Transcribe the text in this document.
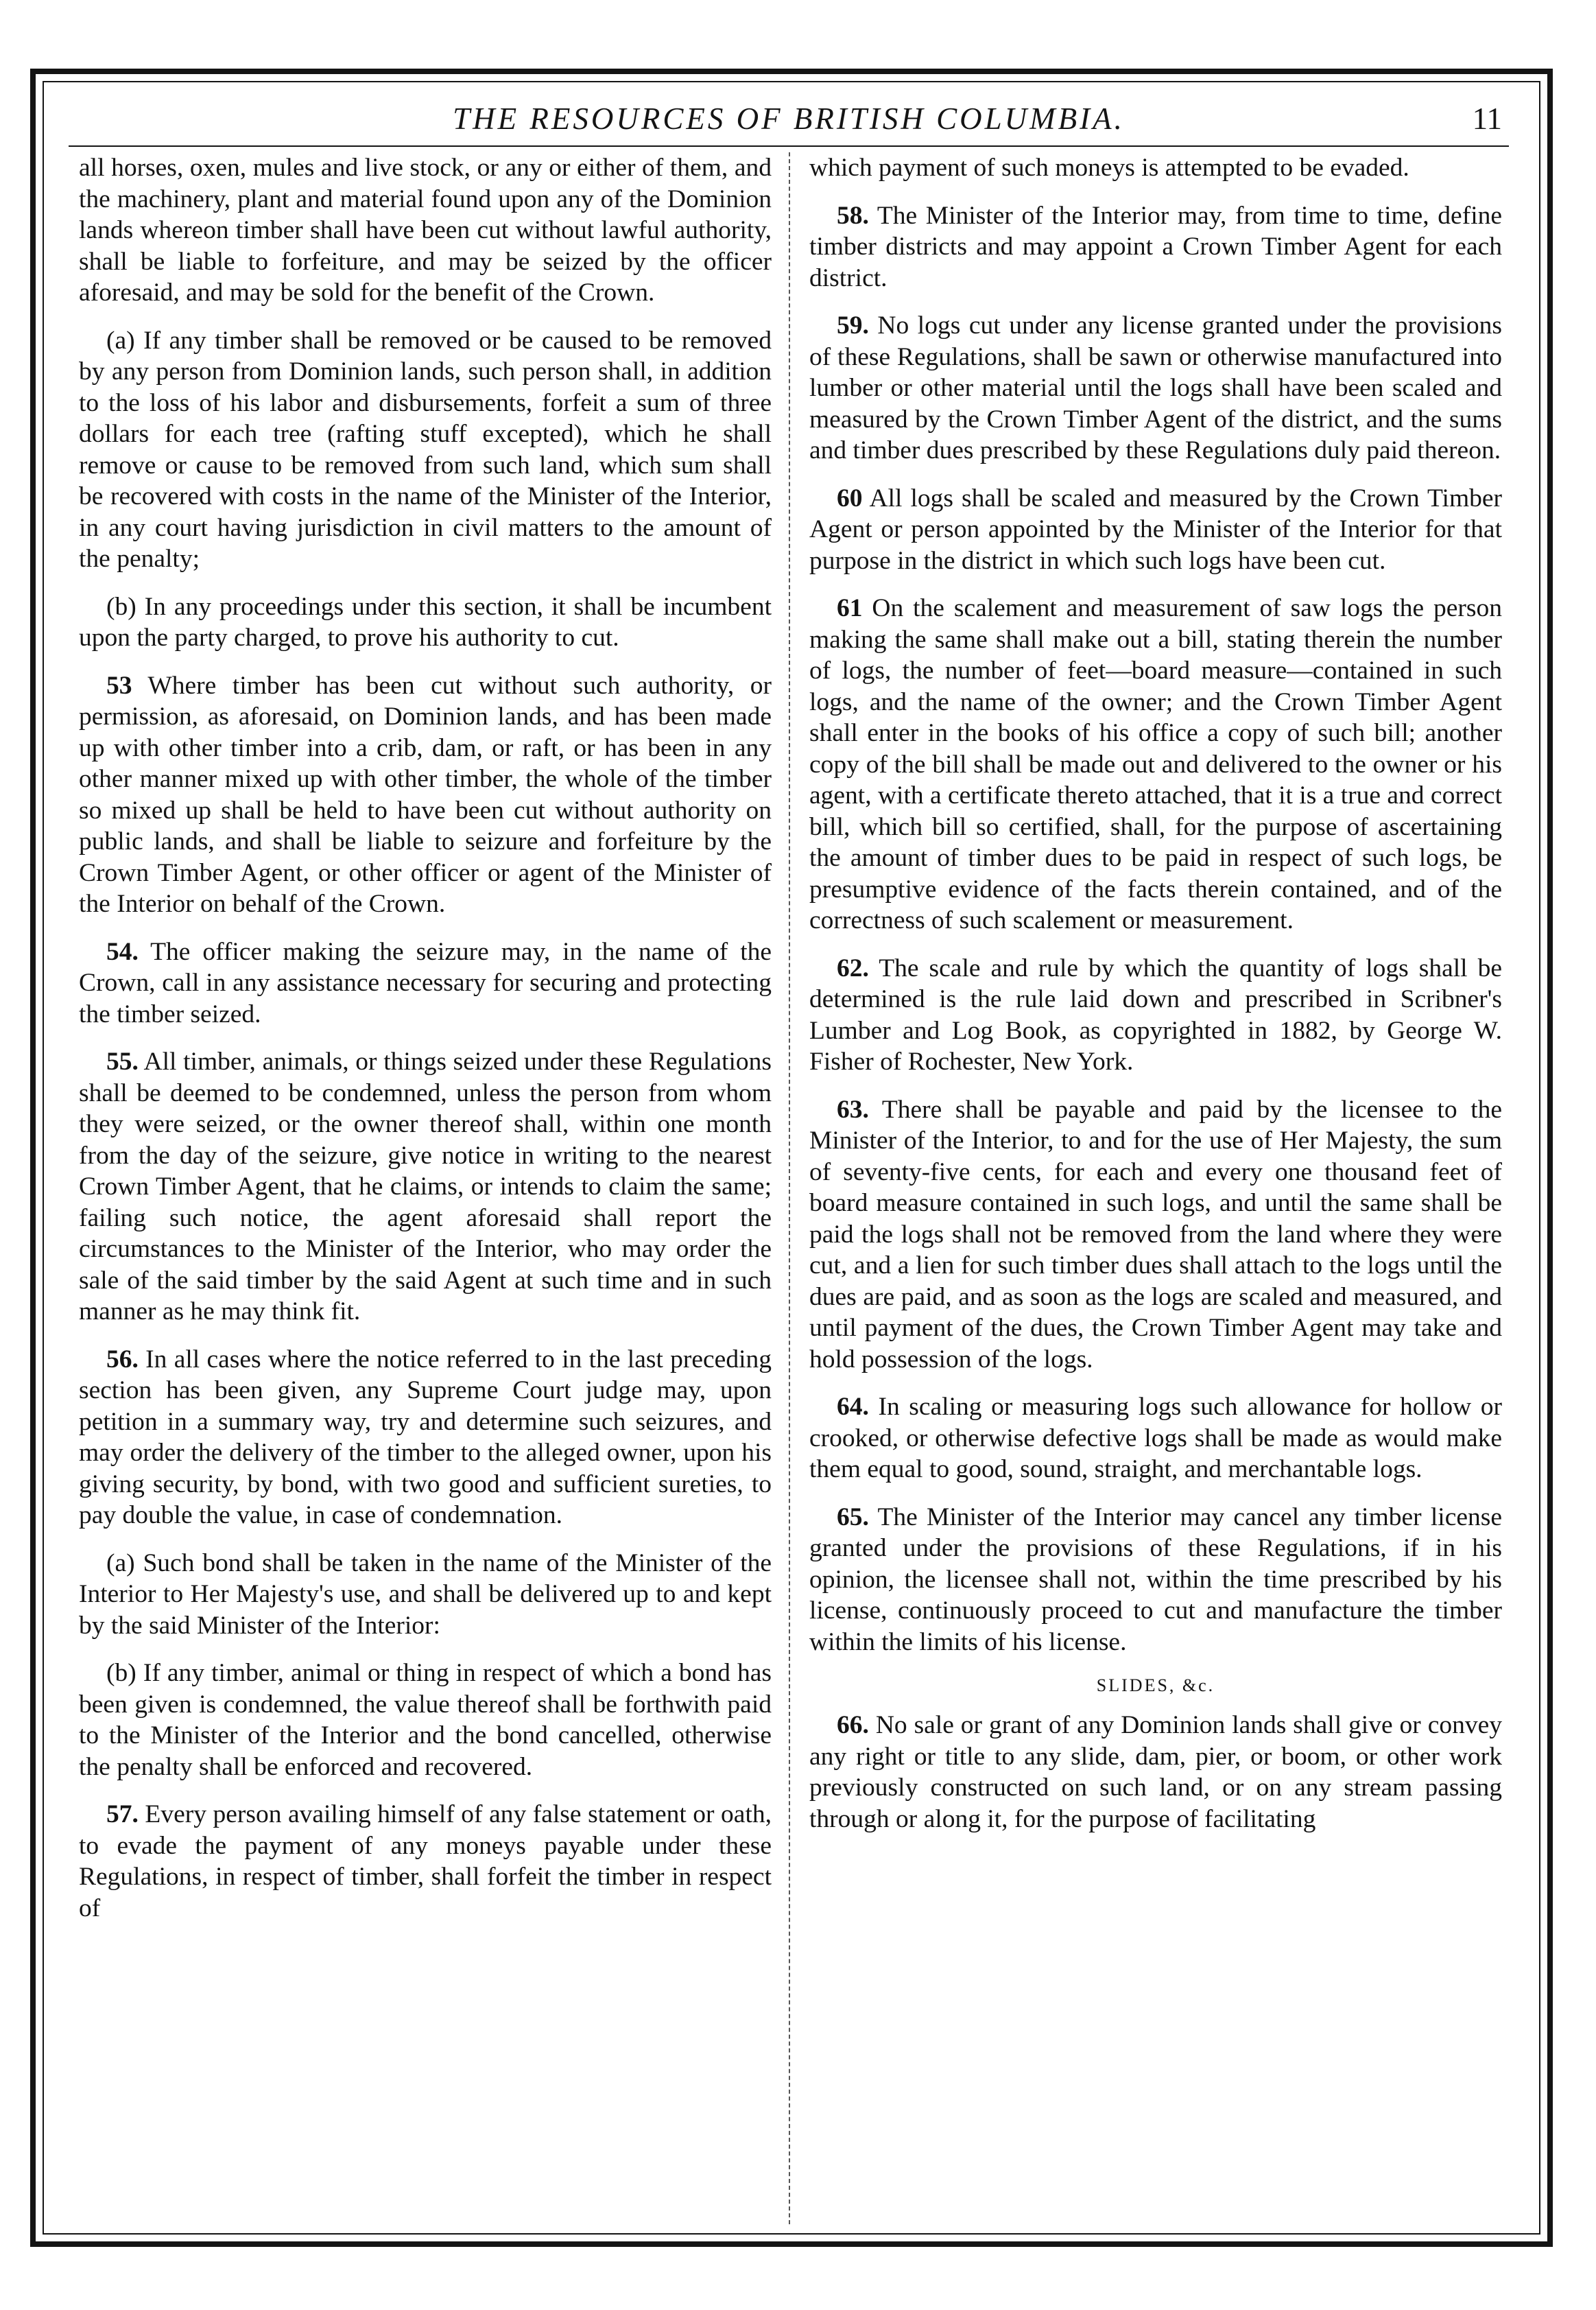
THE RESOURCES OF BRITISH COLUMBIA.	11

all horses, oxen, mules and live stock, or any or either of them, and the machinery, plant and material found upon any of the Dominion lands whereon timber shall have been cut without lawful authority, shall be liable to forfeiture, and may be seized by the officer aforesaid, and may be sold for the benefit of the Crown.

(a) If any timber shall be removed or be caused to be removed by any person from Dominion lands, such person shall, in addition to the loss of his labor and disbursements, forfeit a sum of three dollars for each tree (rafting stuff excepted), which he shall remove or cause to be removed from such land, which sum shall be recovered with costs in the name of the Minister of the Interior, in any court having jurisdiction in civil matters to the amount of the penalty;

(b) In any proceedings under this section, it shall be incumbent upon the party charged, to prove his authority to cut.

53 Where timber has been cut without such authority, or permission, as aforesaid, on Dominion lands, and has been made up with other timber into a crib, dam, or raft, or has been in any other manner mixed up with other timber, the whole of the timber so mixed up shall be held to have been cut without authority on public lands, and shall be liable to seizure and forfeiture by the Crown Timber Agent, or other officer or agent of the Minister of the Interior on behalf of the Crown.

54. The officer making the seizure may, in the name of the Crown, call in any assistance necessary for securing and protecting the timber seized.

55. All timber, animals, or things seized under these Regulations shall be deemed to be condemned, unless the person from whom they were seized, or the owner thereof shall, within one month from the day of the seizure, give notice in writing to the nearest Crown Timber Agent, that he claims, or intends to claim the same; failing such notice, the agent aforesaid shall report the circumstances to the Minister of the Interior, who may order the sale of the said timber by the said Agent at such time and in such manner as he may think fit.

56. In all cases where the notice referred to in the last preceding section has been given, any Supreme Court judge may, upon petition in a summary way, try and determine such seizures, and may order the delivery of the timber to the alleged owner, upon his giving security, by bond, with two good and sufficient sureties, to pay double the value, in case of condemnation.

(a) Such bond shall be taken in the name of the Minister of the Interior to Her Majesty's use, and shall be delivered up to and kept by the said Minister of the Interior:

(b) If any timber, animal or thing in respect of which a bond has been given is condemned, the value thereof shall be forthwith paid to the Minister of the Interior and the bond cancelled, otherwise the penalty shall be enforced and recovered.

57. Every person availing himself of any false statement or oath, to evade the payment of any moneys payable under these Regulations, in respect of timber, shall forfeit the timber in respect of

which payment of such moneys is attempted to be evaded.

58. The Minister of the Interior may, from time to time, define timber districts and may appoint a Crown Timber Agent for each district.

59. No logs cut under any license granted under the provisions of these Regulations, shall be sawn or otherwise manufactured into lumber or other material until the logs shall have been scaled and measured by the Crown Timber Agent of the district, and the sums and timber dues prescribed by these Regulations duly paid thereon.

60 All logs shall be scaled and measured by the Crown Timber Agent or person appointed by the Minister of the Interior for that purpose in the district in which such logs have been cut.

61 On the scalement and measurement of saw logs the person making the same shall make out a bill, stating therein the number of logs, the number of feet—board measure—contained in such logs, and the name of the owner; and the Crown Timber Agent shall enter in the books of his office a copy of such bill; another copy of the bill shall be made out and delivered to the owner or his agent, with a certificate thereto attached, that it is a true and correct bill, which bill so certified, shall, for the purpose of ascertaining the amount of timber dues to be paid in respect of such logs, be presumptive evidence of the facts therein contained, and of the correctness of such scalement or measurement.

62. The scale and rule by which the quantity of logs shall be determined is the rule laid down and prescribed in Scribner's Lumber and Log Book, as copyrighted in 1882, by George W. Fisher of Rochester, New York.

63. There shall be payable and paid by the licensee to the Minister of the Interior, to and for the use of Her Majesty, the sum of seventy-five cents, for each and every one thousand feet of board measure contained in such logs, and until the same shall be paid the logs shall not be removed from the land where they were cut, and a lien for such timber dues shall attach to the logs until the dues are paid, and as soon as the logs are scaled and measured, and until payment of the dues, the Crown Timber Agent may take and hold possession of the logs.

64. In scaling or measuring logs such allowance for hollow or crooked, or otherwise defective logs shall be made as would make them equal to good, sound, straight, and merchantable logs.

65. The Minister of the Interior may cancel any timber license granted under the provisions of these Regulations, if in his opinion, the licensee shall not, within the time prescribed by his license, continuously proceed to cut and manufacture the timber within the limits of his license.

SLIDES, &c.

66. No sale or grant of any Dominion lands shall give or convey any right or title to any slide, dam, pier, or boom, or other work previously constructed on such land, or on any stream passing through or along it, for the purpose of facilitating
